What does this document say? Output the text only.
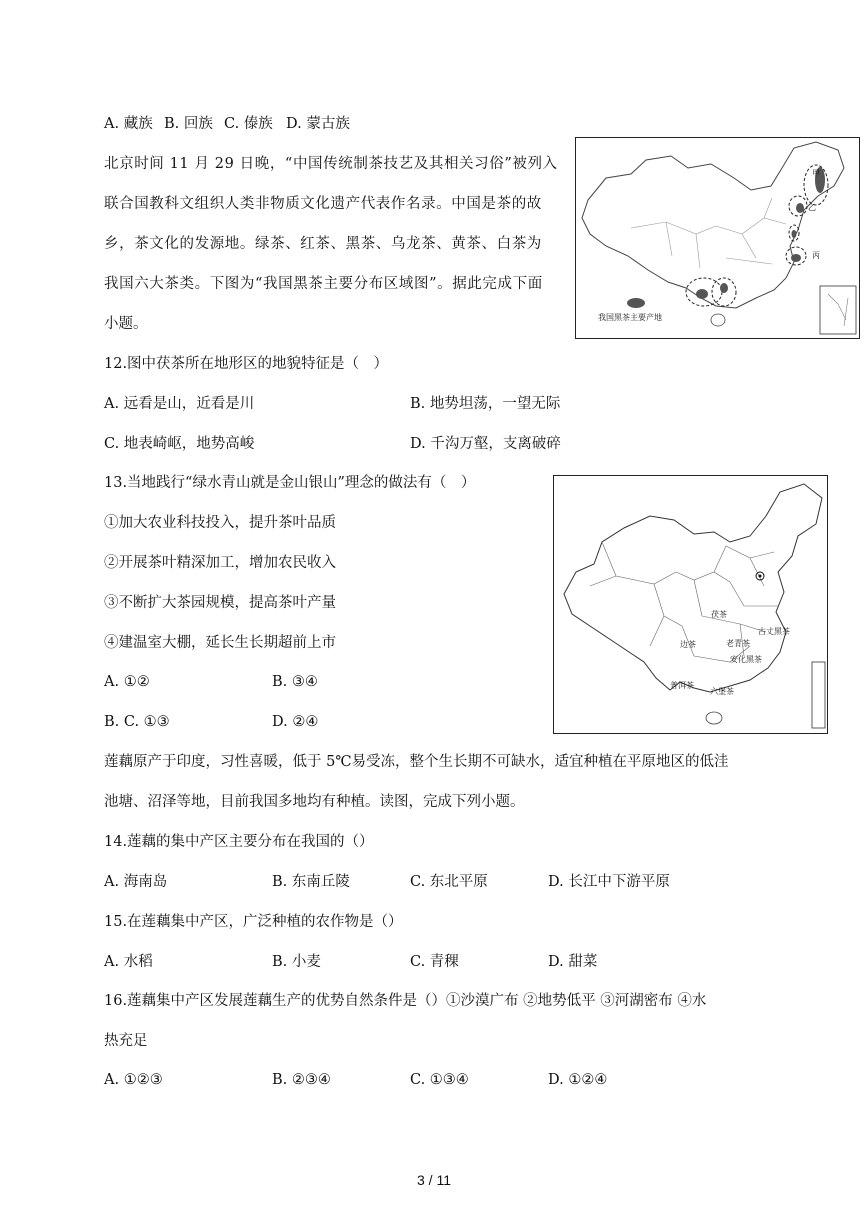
A. 藏族 B. 回族 C. 傣族 D. 蒙古族
北京时间 11 月 29 日晚，“中国传统制茶技艺及其相关习俗”被列入
联合国教科文组织人类非物质文化遗产代表作名录。中国是茶的故
乡，茶文化的发源地。绿茶、红茶、黑茶、乌龙茶、黄茶、白茶为
我国六大茶类。下图为“我国黑茶主要分布区域图”。据此完成下面
小题。
甲
乙
丙
我国黑茶主要产地
12.图中茯茶所在地形区的地貌特征是（　）
A. 远看是山，近看是川	B. 地势坦荡，一望无际
C. 地表崎岖，地势高峻	D. 千沟万壑，支离破碎
13.当地践行“绿水青山就是金山银山”理念的做法有（　）
①加大农业科技投入，提升茶叶品质
②开展茶叶精深加工，增加农民收入
③不断扩大茶园规模，提高茶叶产量
④建温室大棚，延长生长期超前上市
A. ①②	B. ③④
B. C. ①③	D. ②④
茯茶
边茶	老青茶
古丈黑茶
安化黑茶
普洱茶
六堡茶
莲藕原产于印度，习性喜暖，低于 5℃易受冻，整个生长期不可缺水，适宜种植在平原地区的低洼
池塘、沼泽等地，目前我国多地均有种植。读图，完成下列小题。
14.莲藕的集中产区主要分布在我国的（）
A. 海南岛	B. 东南丘陵	C. 东北平原	D. 长江中下游平原
15.在莲藕集中产区，广泛种植的农作物是（）
A. 水稻	B. 小麦	C. 青稞	D. 甜菜
16.莲藕集中产区发展莲藕生产的优势自然条件是（）①沙漠广布 ②地势低平 ③河湖密布 ④水
热充足
A. ①②③	B. ②③④	C. ①③④	D. ①②④
3 / 11
